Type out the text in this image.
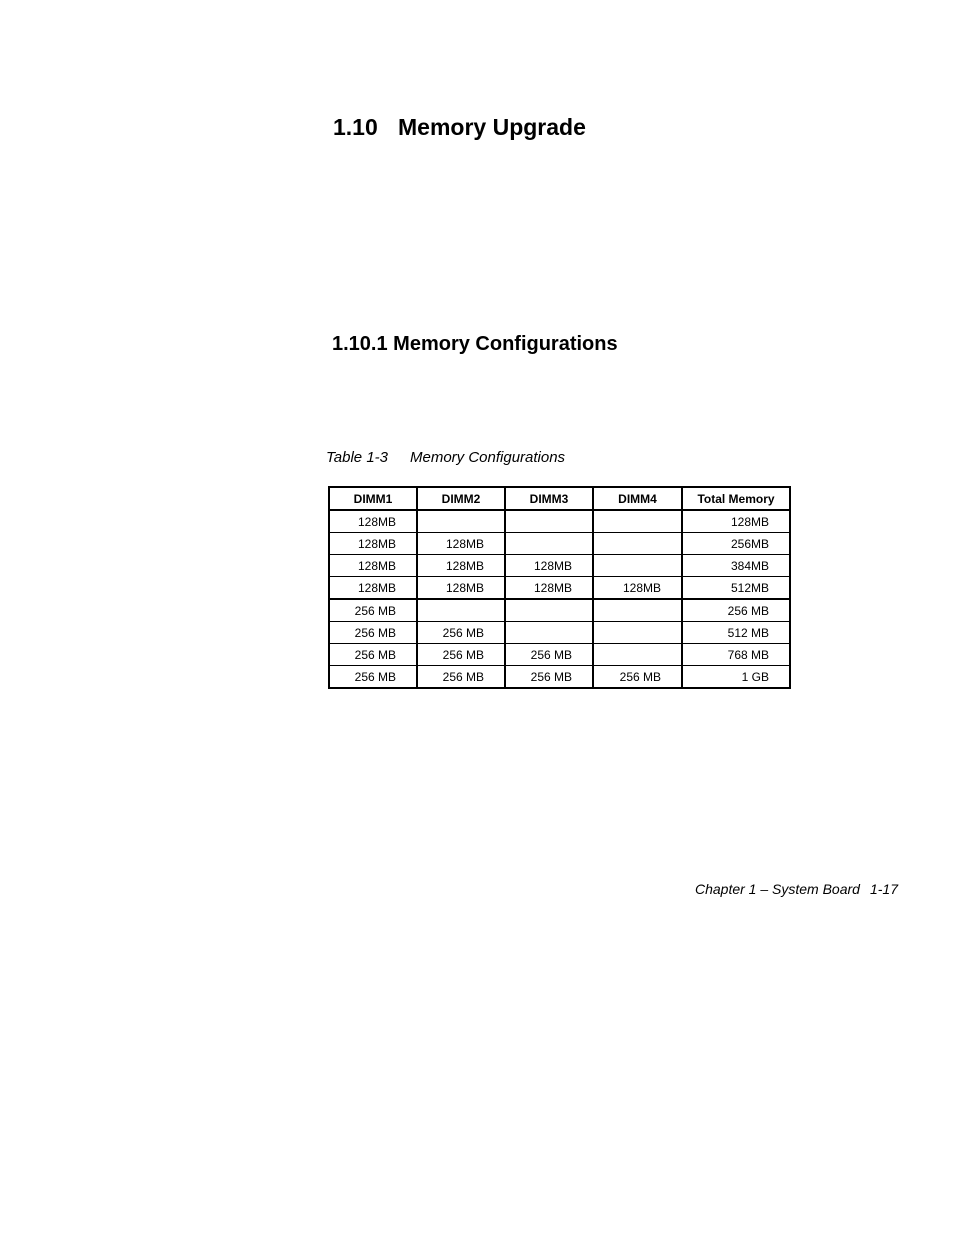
1.10 Memory Upgrade
1.10.1 Memory Configurations
Table 1-3 Memory Configurations
DIMM1	DIMM2	DIMM3	DIMM4	Total Memory
128MB				128MB
128MB	128MB			256MB
128MB	128MB	128MB		384MB
128MB	128MB	128MB	128MB	512MB
256 MB				256 MB
256 MB	256 MB			512 MB
256 MB	256 MB	256 MB		768 MB
256 MB	256 MB	256 MB	256 MB	1 GB
Chapter 1 – System Board 1-17
